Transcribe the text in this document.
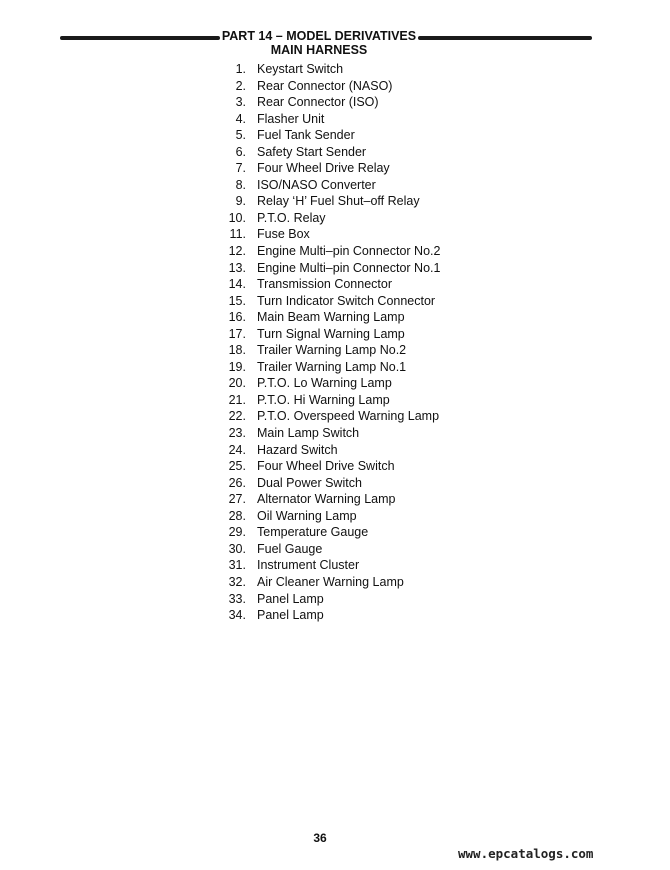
PART 14 – MODEL DERIVATIVES
MAIN HARNESS
1. Keystart Switch
2. Rear Connector (NASO)
3. Rear Connector (ISO)
4. Flasher Unit
5. Fuel Tank Sender
6. Safety Start Sender
7. Four Wheel Drive Relay
8. ISO/NASO Converter
9. Relay ‘H’ Fuel Shut–off Relay
10. P.T.O. Relay
11. Fuse Box
12. Engine Multi–pin Connector No.2
13. Engine Multi–pin Connector No.1
14. Transmission Connector
15. Turn Indicator Switch Connector
16. Main Beam Warning Lamp
17. Turn Signal Warning Lamp
18. Trailer Warning Lamp No.2
19. Trailer Warning Lamp No.1
20. P.T.O. Lo Warning Lamp
21. P.T.O. Hi Warning Lamp
22. P.T.O. Overspeed Warning Lamp
23. Main Lamp Switch
24. Hazard Switch
25. Four Wheel Drive Switch
26. Dual Power Switch
27. Alternator Warning Lamp
28. Oil Warning Lamp
29. Temperature Gauge
30. Fuel Gauge
31. Instrument Cluster
32. Air Cleaner Warning Lamp
33. Panel Lamp
34. Panel Lamp
36
www.epcatalogs.com
